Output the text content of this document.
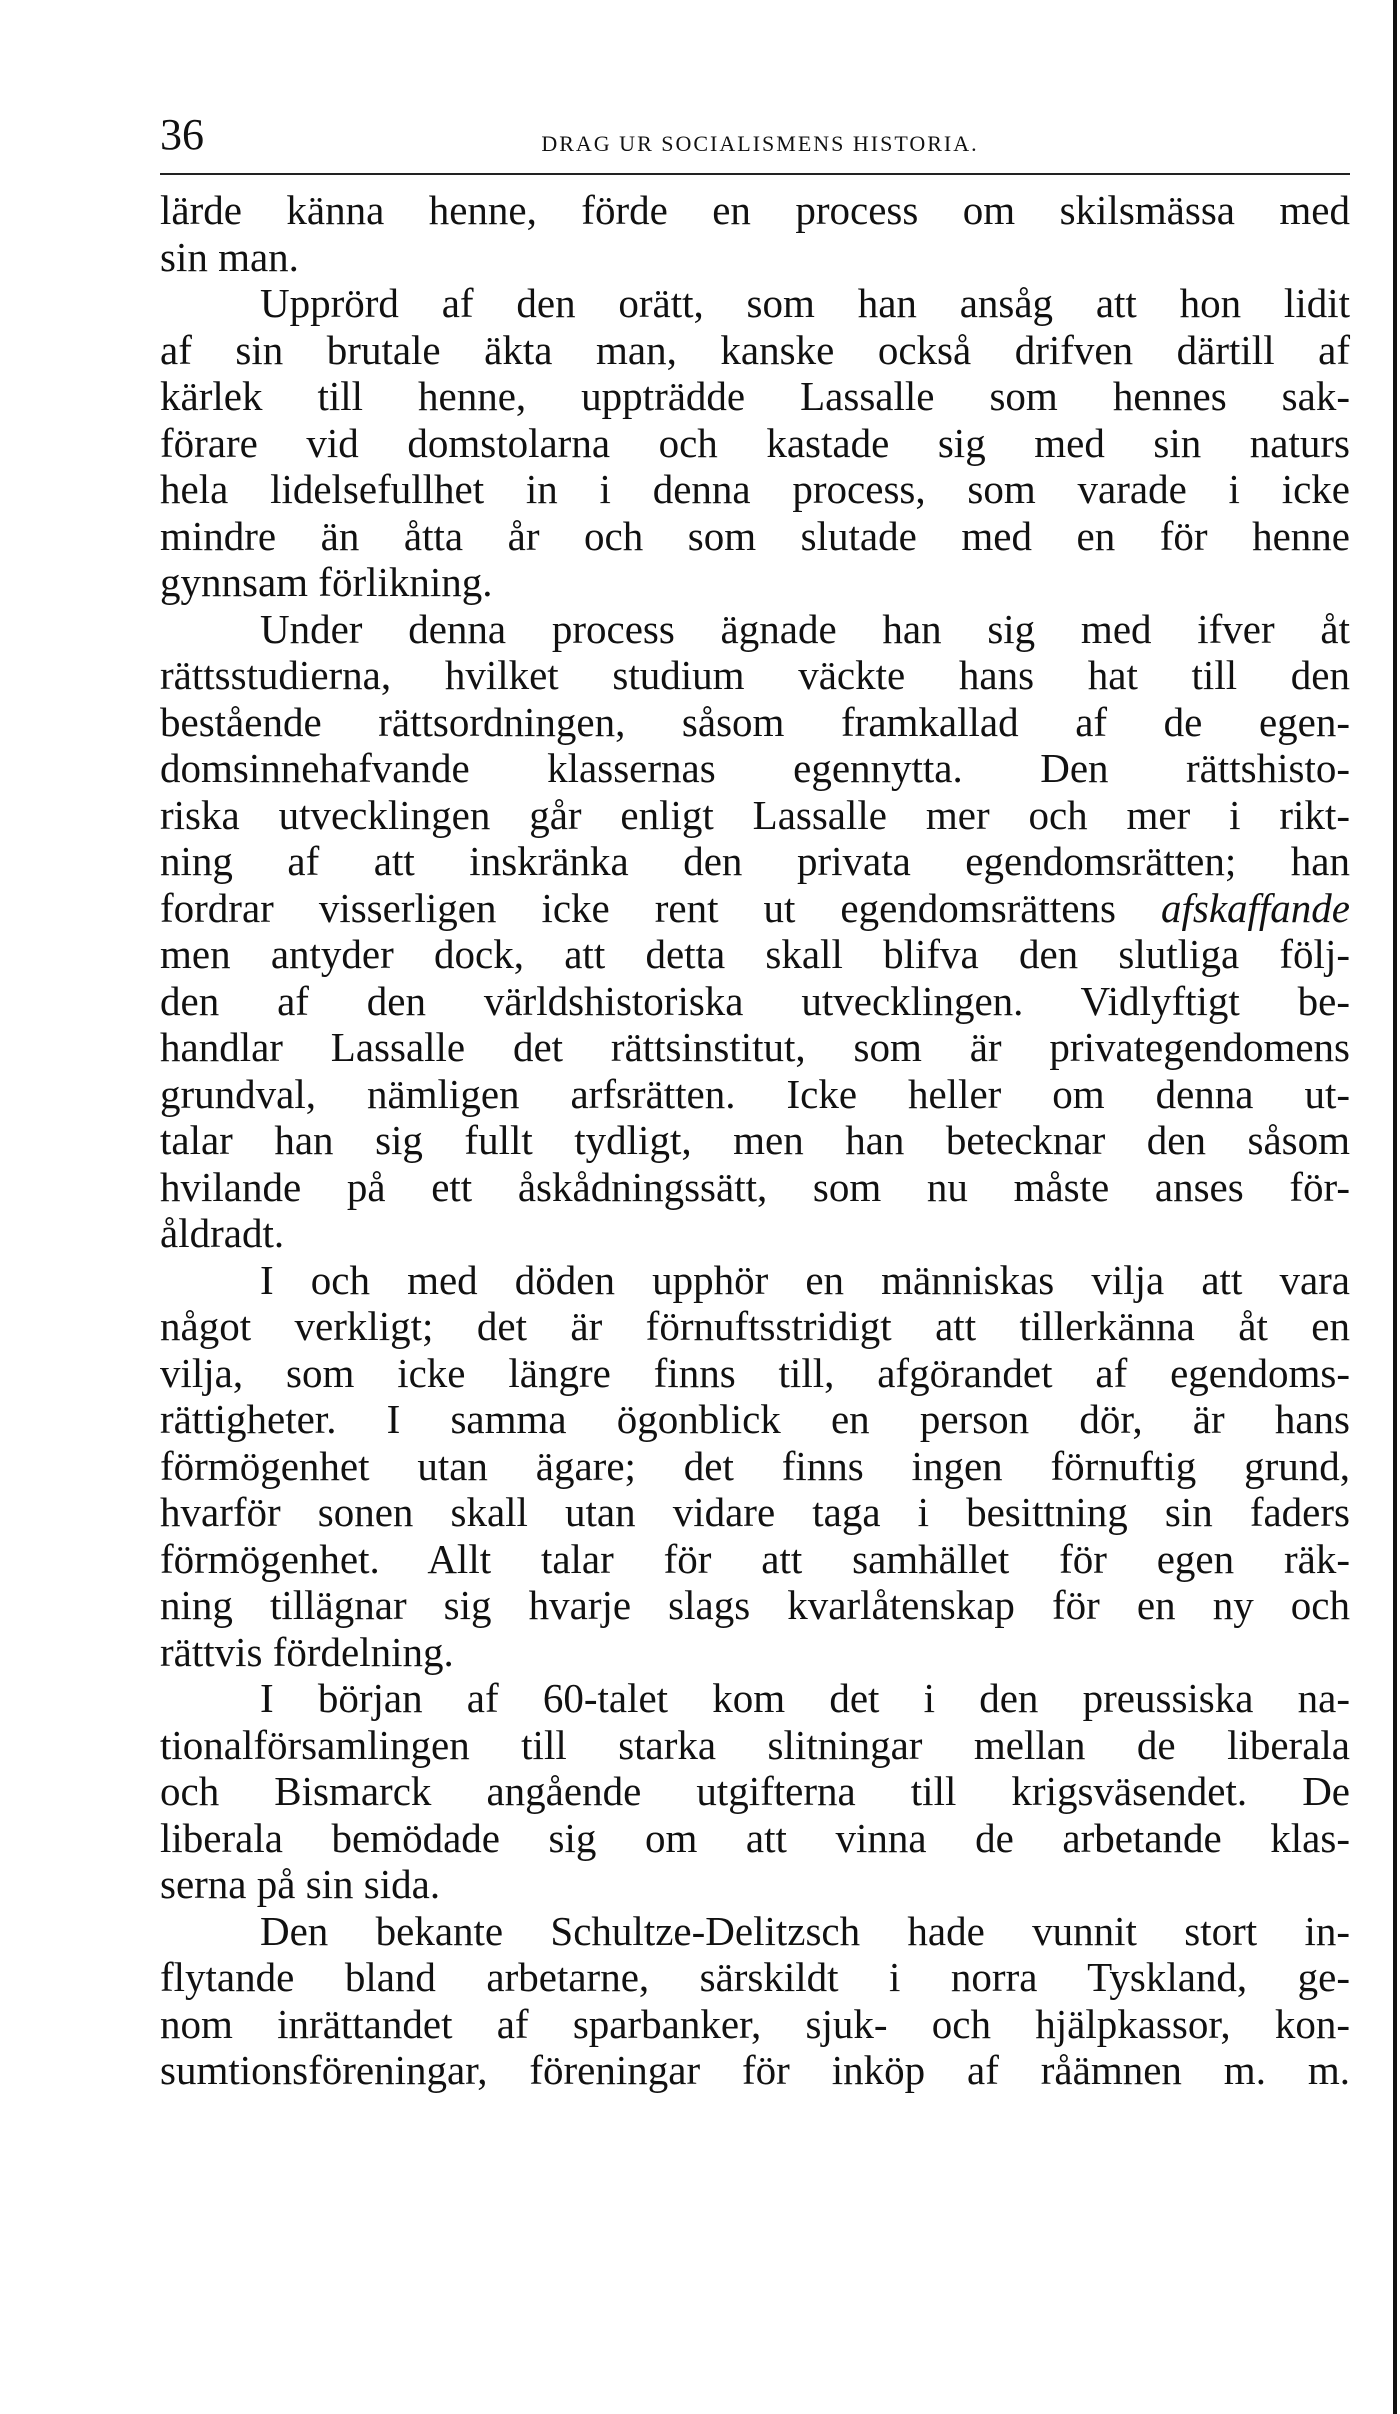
36	DRAG UR SOCIALISMENS HISTORIA.
lärde känna henne, förde en process om skilsmässa med
sin man.
Upprörd af den orätt, som han ansåg att hon lidit
af sin brutale äkta man, kanske också drifven därtill af
kärlek till henne, uppträdde Lassalle som hennes sak-
förare vid domstolarna och kastade sig med sin naturs
hela lidelsefullhet in i denna process, som varade i icke
mindre än åtta år och som slutade med en för henne
gynnsam förlikning.
Under denna process ägnade han sig med ifver åt
rättsstudierna, hvilket studium väckte hans hat till den
bestående rättsordningen, såsom framkallad af de egen-
domsinnehafvande klassernas egennytta. Den rättshisto-
riska utvecklingen går enligt Lassalle mer och mer i rikt-
ning af att inskränka den privata egendomsrätten; han
fordrar visserligen icke rent ut egendomsrättens afskaffande
men antyder dock, att detta skall blifva den slutliga följ-
den af den världshistoriska utvecklingen. Vidlyftigt be-
handlar Lassalle det rättsinstitut, som är privategendomens
grundval, nämligen arfsrätten. Icke heller om denna ut-
talar han sig fullt tydligt, men han betecknar den såsom
hvilande på ett åskådningssätt, som nu måste anses för-
åldradt.
I och med döden upphör en människas vilja att vara
något verkligt; det är förnuftsstridigt att tillerkänna åt en
vilja, som icke längre finns till, afgörandet af egendoms-
rättigheter. I samma ögonblick en person dör, är hans
förmögenhet utan ägare; det finns ingen förnuftig grund,
hvarför sonen skall utan vidare taga i besittning sin faders
förmögenhet. Allt talar för att samhället för egen räk-
ning tillägnar sig hvarje slags kvarlåtenskap för en ny och
rättvis fördelning.
I början af 60-talet kom det i den preussiska na-
tionalförsamlingen till starka slitningar mellan de liberala
och Bismarck angående utgifterna till krigsväsendet. De
liberala bemödade sig om att vinna de arbetande klas-
serna på sin sida.
Den bekante Schultze-Delitzsch hade vunnit stort in-
flytande bland arbetarne, särskildt i norra Tyskland, ge-
nom inrättandet af sparbanker, sjuk- och hjälpkassor, kon-
sumtionsföreningar, föreningar för inköp af råämnen m. m.
